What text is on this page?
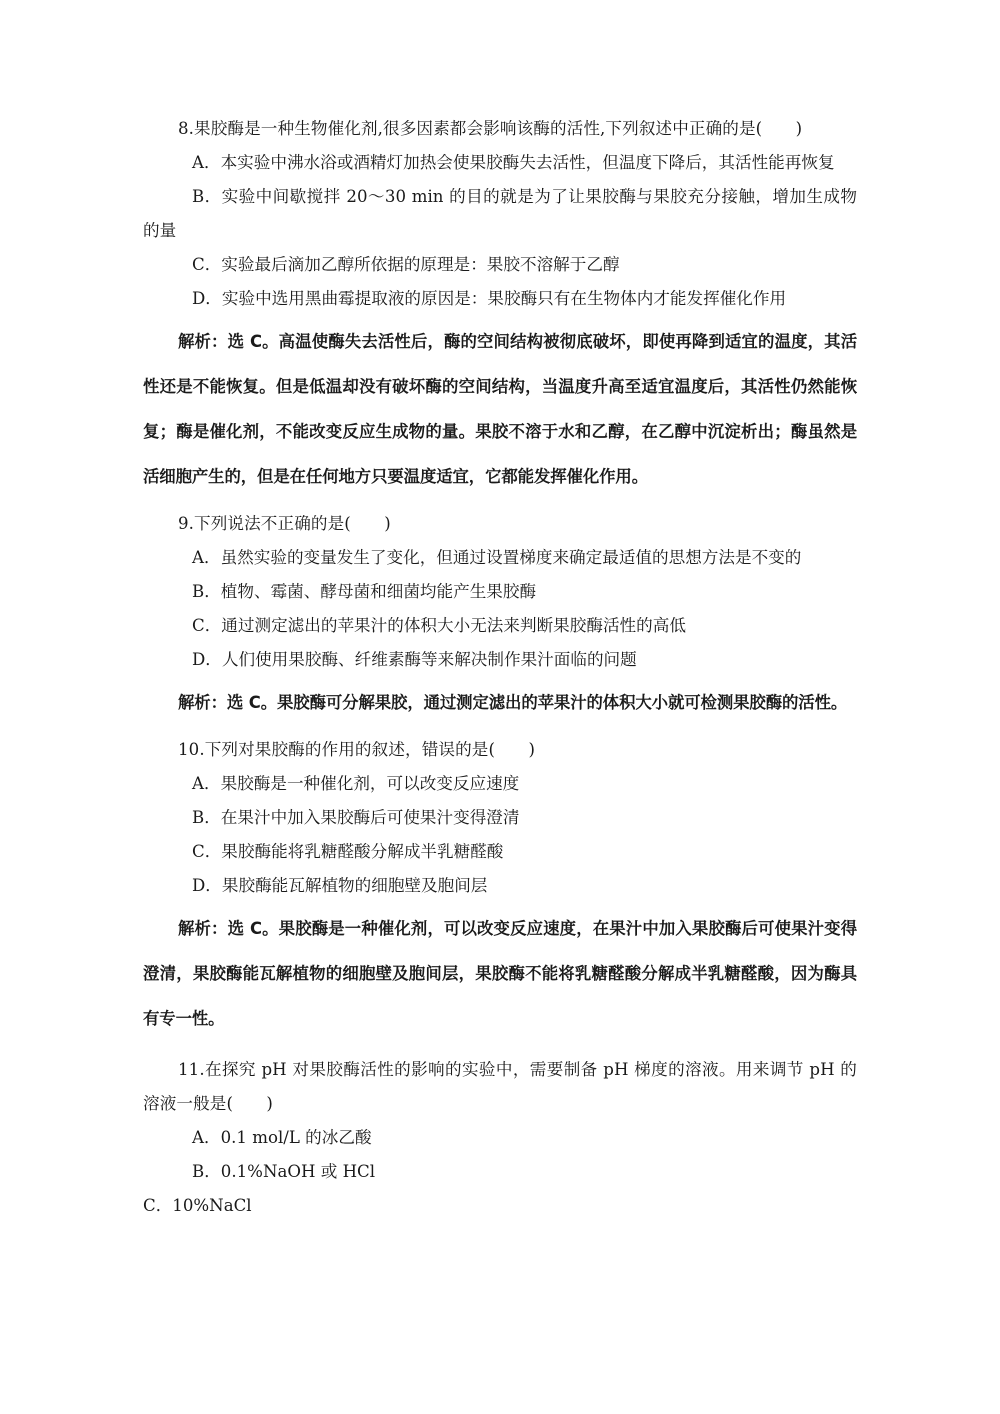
8.果胶酶是一种生物催化剂,很多因素都会影响该酶的活性,下列叙述中正确的是(　　)
A．本实验中沸水浴或酒精灯加热会使果胶酶失去活性，但温度下降后，其活性能再恢复
B．实验中间歇搅拌 20～30 min 的目的就是为了让果胶酶与果胶充分接触，增加生成物的量
C．实验最后滴加乙醇所依据的原理是：果胶不溶解于乙醇
D．实验中选用黑曲霉提取液的原因是：果胶酶只有在生物体内才能发挥催化作用
解析：选 C。高温使酶失去活性后，酶的空间结构被彻底破坏，即使再降到适宜的温度，其活性还是不能恢复。但是低温却没有破坏酶的空间结构，当温度升高至适宜温度后，其活性仍然能恢复；酶是催化剂，不能改变反应生成物的量。果胶不溶于水和乙醇，在乙醇中沉淀析出；酶虽然是活细胞产生的，但是在任何地方只要温度适宜，它都能发挥催化作用。
9.下列说法不正确的是(　　)
A．虽然实验的变量发生了变化，但通过设置梯度来确定最适值的思想方法是不变的
B．植物、霉菌、酵母菌和细菌均能产生果胶酶
C．通过测定滤出的苹果汁的体积大小无法来判断果胶酶活性的高低
D．人们使用果胶酶、纤维素酶等来解决制作果汁面临的问题
解析：选 C。果胶酶可分解果胶，通过测定滤出的苹果汁的体积大小就可检测果胶酶的活性。
10.下列对果胶酶的作用的叙述，错误的是(　　)
A．果胶酶是一种催化剂，可以改变反应速度
B．在果汁中加入果胶酶后可使果汁变得澄清
C．果胶酶能将乳糖醛酸分解成半乳糖醛酸
D．果胶酶能瓦解植物的细胞壁及胞间层
解析：选 C。果胶酶是一种催化剂，可以改变反应速度，在果汁中加入果胶酶后可使果汁变得澄清，果胶酶能瓦解植物的细胞壁及胞间层，果胶酶不能将乳糖醛酸分解成半乳糖醛酸，因为酶具有专一性。
11.在探究 pH 对果胶酶活性的影响的实验中，需要制备 pH 梯度的溶液。用来调节 pH 的溶液一般是(　　)
A．0.1 mol/L 的冰乙酸
B．0.1%NaOH 或 HCl
C．10%NaCl
